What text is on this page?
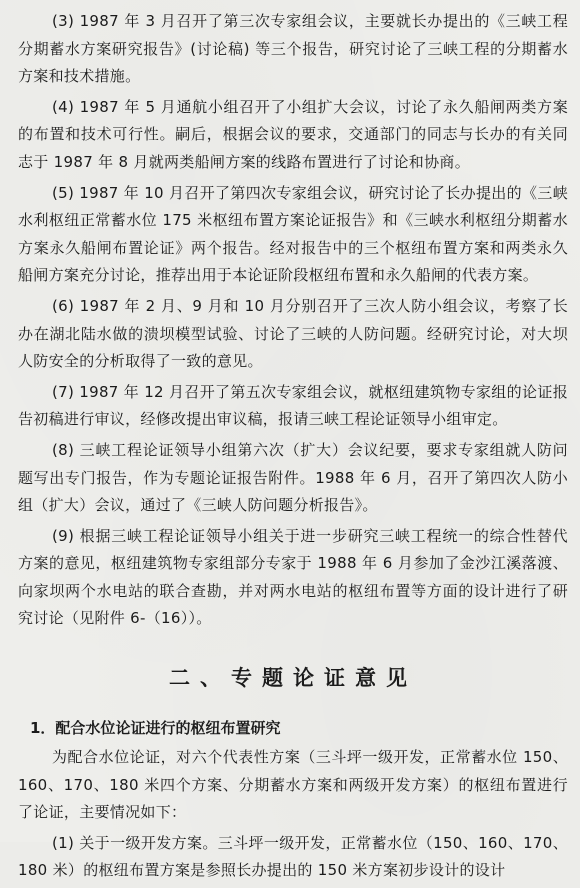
(3) 1987 年 3 月召开了第三次专家组会议，主要就长办提出的《三峡工程分期蓄水方案研究报告》(讨论稿) 等三个报告，研究讨论了三峡工程的分期蓄水方案和技术措施。

(4) 1987 年 5 月通航小组召开了小组扩大会议，讨论了永久船闸两类方案的布置和技术可行性。嗣后，根据会议的要求，交通部门的同志与长办的有关同志于 1987 年 8 月就两类船闸方案的线路布置进行了讨论和协商。

(5) 1987 年 10 月召开了第四次专家组会议，研究讨论了长办提出的《三峡水利枢纽正常蓄水位 175 米枢纽布置方案论证报告》和《三峡水利枢纽分期蓄水方案永久船闸布置论证》两个报告。经对报告中的三个枢纽布置方案和两类永久船闸方案充分讨论，推荐出用于本论证阶段枢纽布置和永久船闸的代表方案。

(6) 1987 年 2 月、9 月和 10 月分别召开了三次人防小组会议，考察了长办在湖北陆水做的溃坝模型试验、讨论了三峡的人防问题。经研究讨论，对大坝人防安全的分析取得了一致的意见。

(7) 1987 年 12 月召开了第五次专家组会议，就枢纽建筑物专家组的论证报告初稿进行审议，经修改提出审议稿，报请三峡工程论证领导小组审定。

(8) 三峡工程论证领导小组第六次（扩大）会议纪要，要求专家组就人防问题写出专门报告，作为专题论证报告附件。1988 年 6 月，召开了第四次人防小组（扩大）会议，通过了《三峡人防问题分析报告》。

(9) 根据三峡工程论证领导小组关于进一步研究三峡工程统一的综合性替代方案的意见，枢纽建筑物专家组部分专家于 1988 年 6 月参加了金沙江溪落渡、向家坝两个水电站的联合查勘，并对两水电站的枢纽布置等方面的设计进行了研究讨论（见附件 6-（16））。

二、专题论证意见
1．配合水位论证进行的枢纽布置研究

为配合水位论证，对六个代表性方案（三斗坪一级开发，正常蓄水位 150、160、170、180 米四个方案、分期蓄水方案和两级开发方案）的枢纽布置进行了论证，主要情况如下：

(1) 关于一级开发方案。三斗坪一级开发，正常蓄水位（150、160、170、180 米）的枢纽布置方案是参照长办提出的 150 米方案初步设计的设计
